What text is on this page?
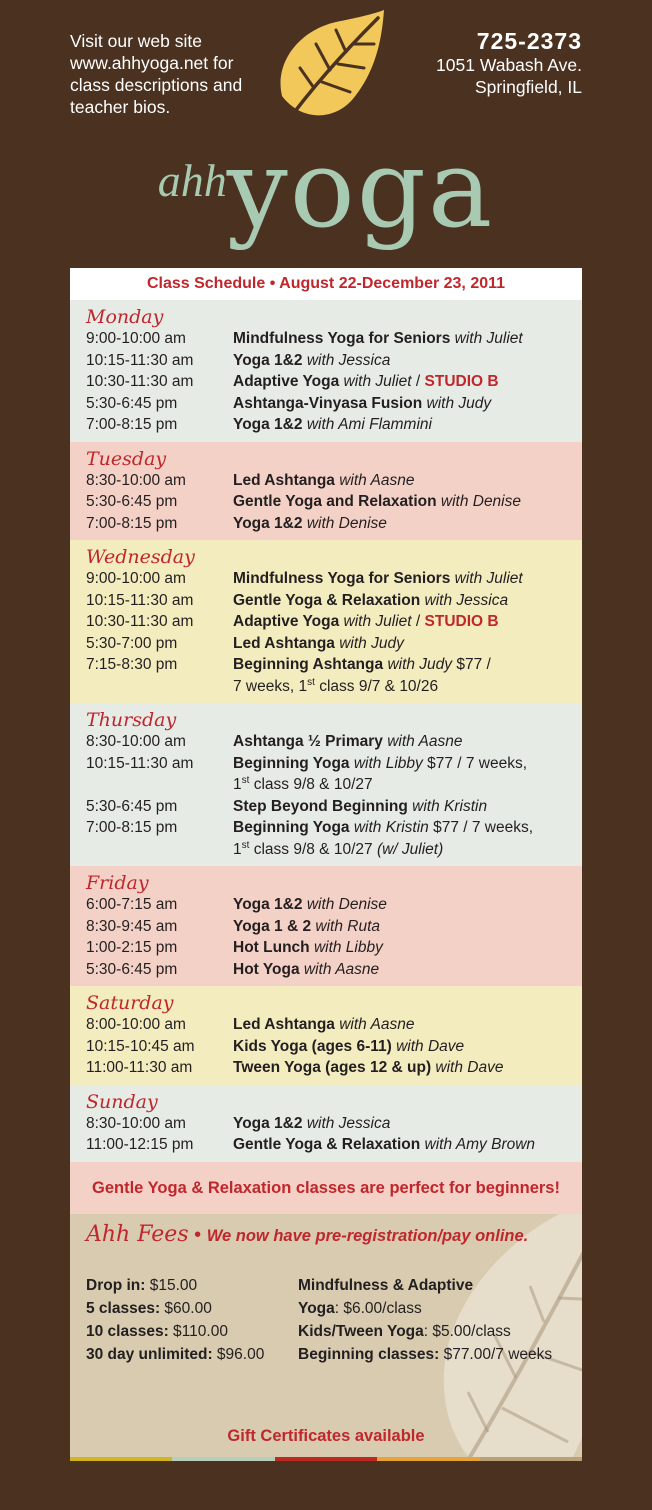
Visit our web site
www.ahhyoga.net for
class descriptions and
teacher bios.
725-2373
1051 Wabash Ave.
Springfield, IL
ahhyoga
Class Schedule • August 22-December 23, 2011
Monday
9:00-10:00 am	Mindfulness Yoga for Seniors with Juliet
10:15-11:30 am	Yoga 1&2 with Jessica
10:30-11:30 am	Adaptive Yoga with Juliet / STUDIO B
5:30-6:45 pm	Ashtanga-Vinyasa Fusion with Judy
7:00-8:15 pm	Yoga 1&2 with Ami Flammini
Tuesday
8:30-10:00 am	Led Ashtanga with Aasne
5:30-6:45 pm	Gentle Yoga and Relaxation with Denise
7:00-8:15 pm	Yoga 1&2 with Denise
Wednesday
9:00-10:00 am	Mindfulness Yoga for Seniors with Juliet
10:15-11:30 am	Gentle Yoga & Relaxation with Jessica
10:30-11:30 am	Adaptive Yoga with Juliet / STUDIO B
5:30-7:00 pm	Led Ashtanga with Judy
7:15-8:30 pm	Beginning Ashtanga with Judy $77 /
7 weeks, 1st class 9/7 & 10/26
Thursday
8:30-10:00 am	Ashtanga ½ Primary with Aasne
10:15-11:30 am	Beginning Yoga with Libby $77 / 7 weeks,
1st class 9/8 & 10/27
5:30-6:45 pm	Step Beyond Beginning with Kristin
7:00-8:15 pm	Beginning Yoga with Kristin $77 / 7 weeks,
1st class 9/8 & 10/27 (w/ Juliet)
Friday
6:00-7:15 am	Yoga 1&2 with Denise
8:30-9:45 am	Yoga 1 & 2 with Ruta
1:00-2:15 pm	Hot Lunch with Libby
5:30-6:45 pm	Hot Yoga with Aasne
Saturday
8:00-10:00 am	Led Ashtanga with Aasne
10:15-10:45 am	Kids Yoga (ages 6-11) with Dave
11:00-11:30 am	Tween Yoga (ages 12 & up) with Dave
Sunday
8:30-10:00 am	Yoga 1&2 with Jessica
11:00-12:15 pm	Gentle Yoga & Relaxation with Amy Brown
Gentle Yoga & Relaxation classes are perfect for beginners!
Ahh Fees • We now have pre-registration/pay online.
Drop in: $15.00
5 classes: $60.00
10 classes: $110.00
30 day unlimited: $96.00
Mindfulness & Adaptive
Yoga: $6.00/class
Kids/Tween Yoga: $5.00/class
Beginning classes: $77.00/7 weeks
Gift Certificates available
